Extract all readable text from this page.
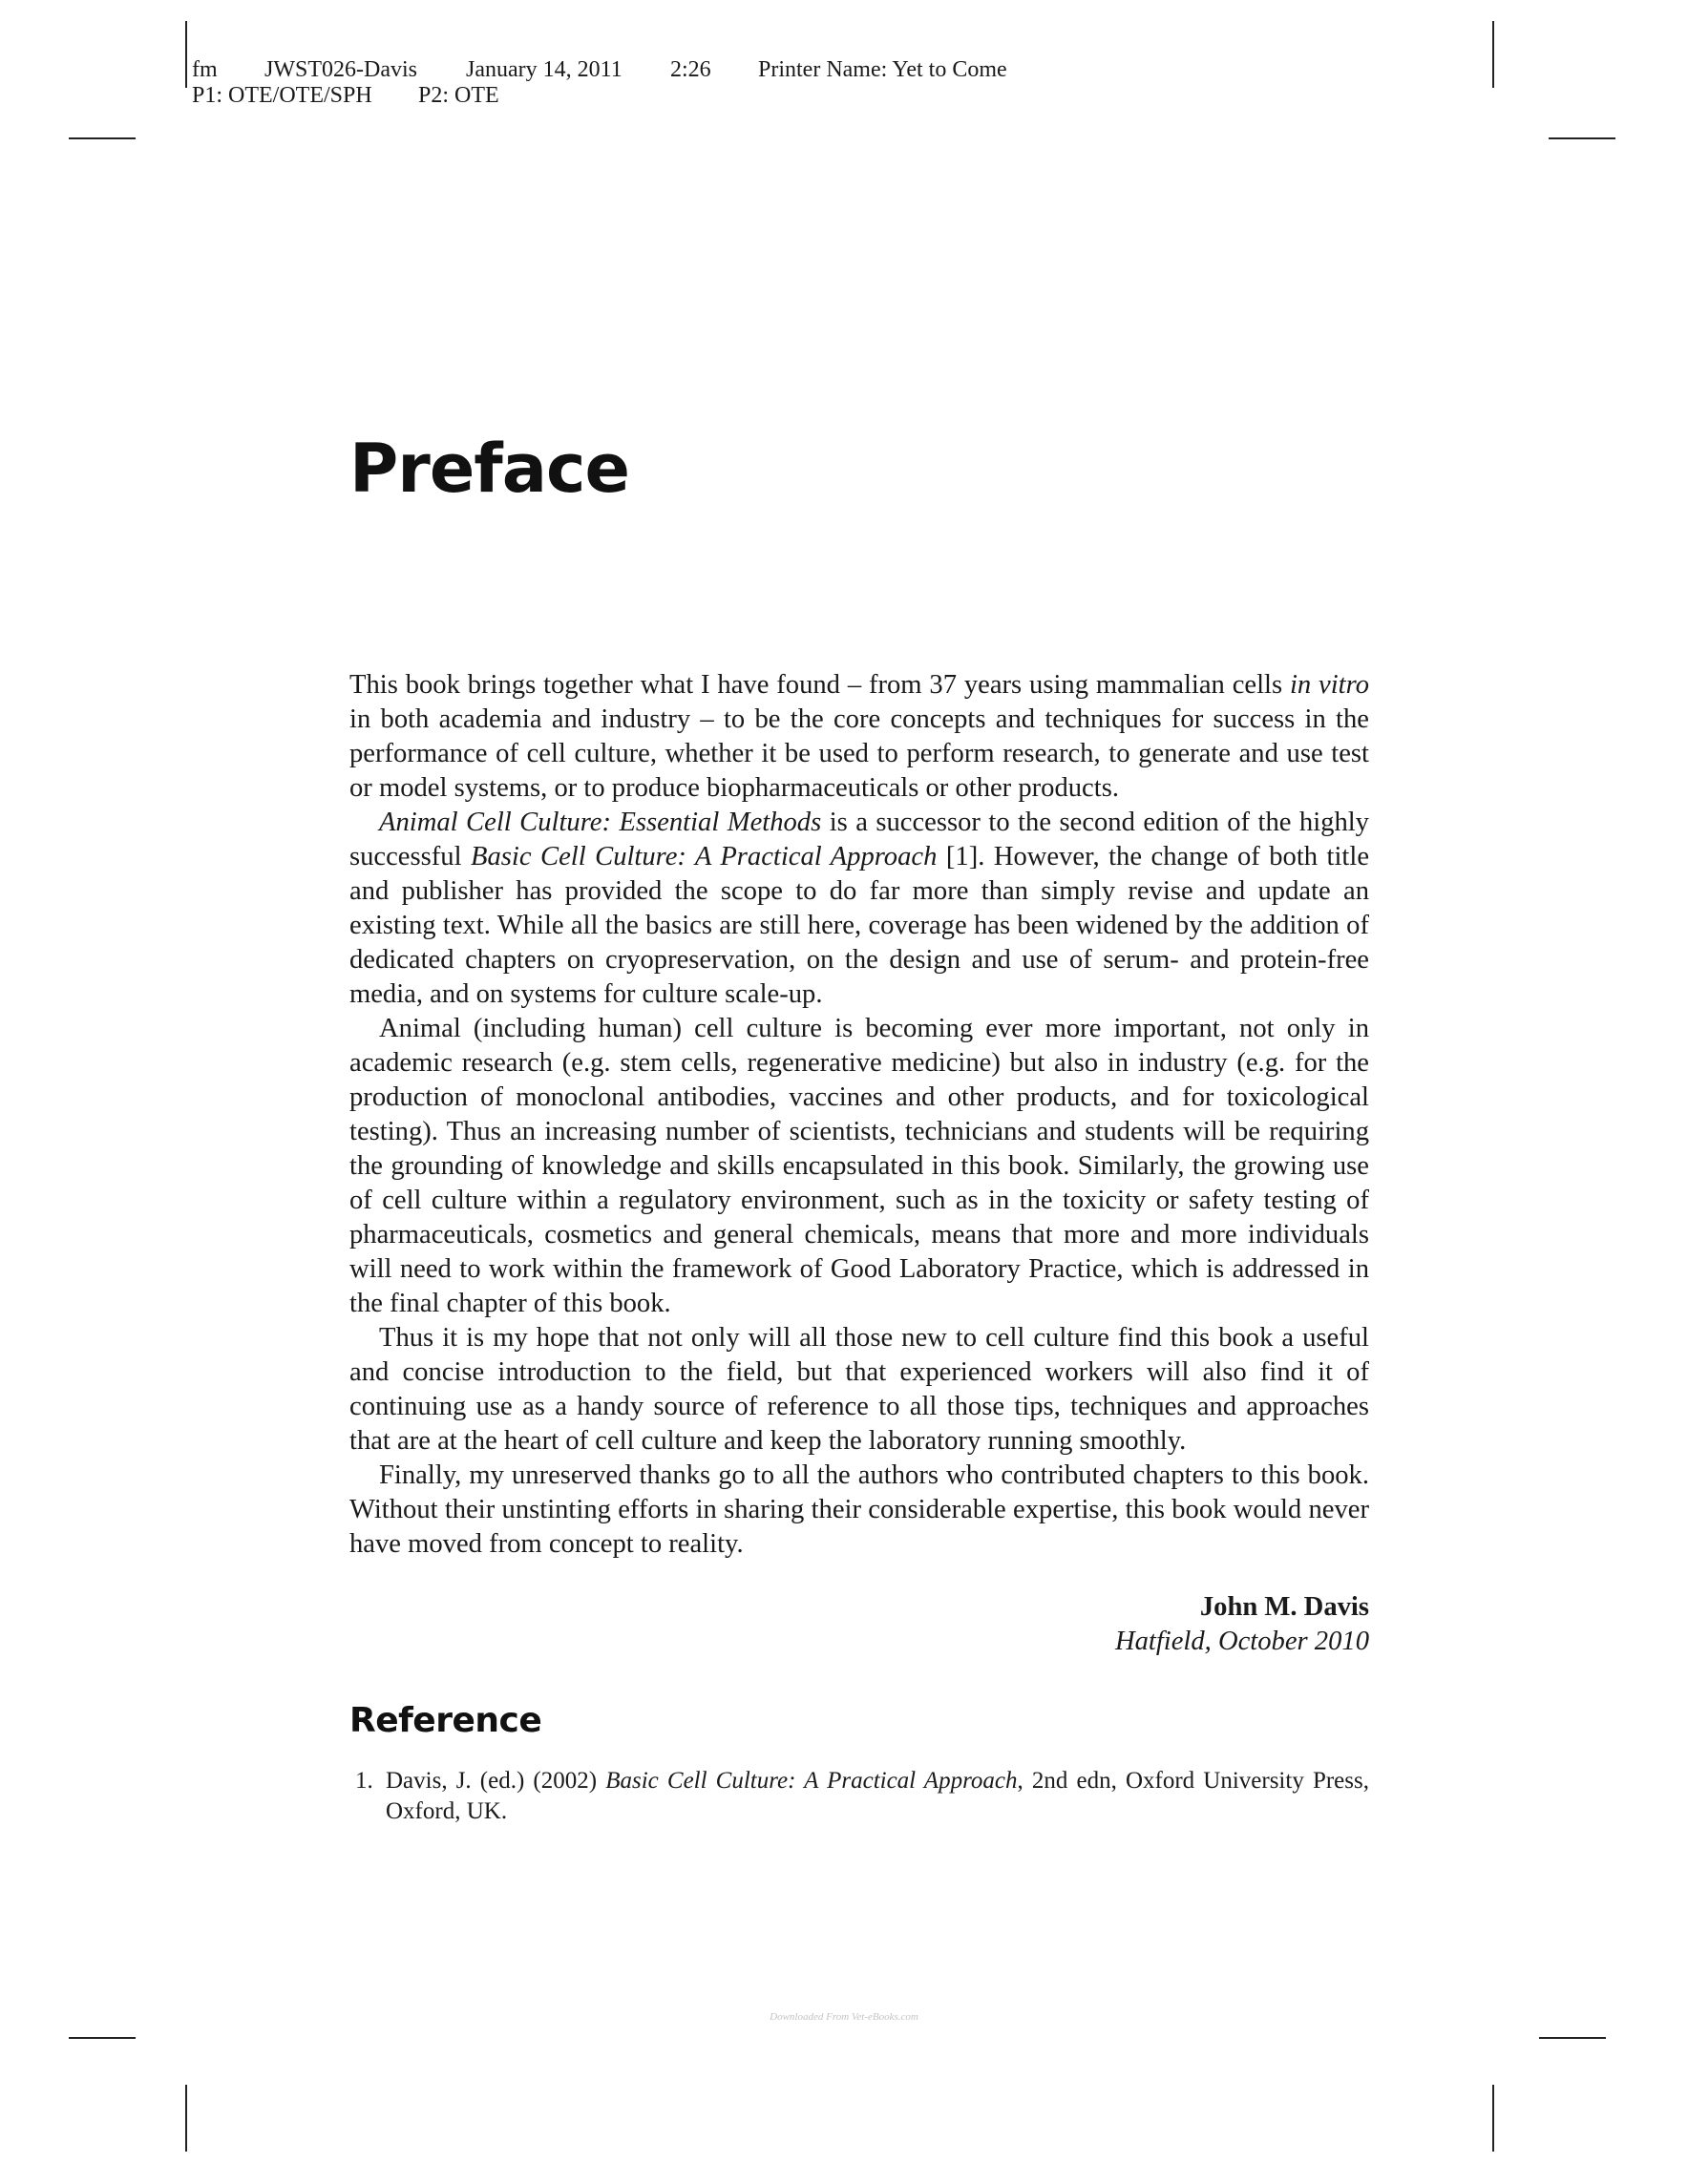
fm JWST026-Davis January 14, 2011 2:26 Printer Name: Yet to Come
P1: OTE/OTE/SPH P2: OTE
Preface

This book brings together what I have found – from 37 years using mammalian cells in vitro in both academia and industry – to be the core concepts and techniques for success in the performance of cell culture, whether it be used to perform research, to generate and use test or model systems, or to produce biopharmaceuticals or other products.

Animal Cell Culture: Essential Methods is a successor to the second edition of the highly successful Basic Cell Culture: A Practical Approach [1]. However, the change of both title and publisher has provided the scope to do far more than simply revise and update an existing text. While all the basics are still here, coverage has been widened by the addition of dedicated chapters on cryopreservation, on the design and use of serum- and protein-free media, and on systems for culture scale-up.

Animal (including human) cell culture is becoming ever more important, not only in academic research (e.g. stem cells, regenerative medicine) but also in industry (e.g. for the production of monoclonal antibodies, vaccines and other products, and for toxicological testing). Thus an increasing number of scientists, technicians and students will be requiring the grounding of knowledge and skills encapsulated in this book. Similarly, the growing use of cell culture within a regulatory environment, such as in the toxicity or safety testing of pharmaceuticals, cosmetics and general chemicals, means that more and more individuals will need to work within the framework of Good Laboratory Practice, which is addressed in the final chapter of this book.

Thus it is my hope that not only will all those new to cell culture find this book a useful and concise introduction to the field, but that experienced workers will also find it of continuing use as a handy source of reference to all those tips, techniques and approaches that are at the heart of cell culture and keep the laboratory running smoothly.

Finally, my unreserved thanks go to all the authors who contributed chapters to this book. Without their unstinting efforts in sharing their considerable expertise, this book would never have moved from concept to reality.

John M. Davis
Hatfield, October 2010
Reference
1. Davis, J. (ed.) (2002) Basic Cell Culture: A Practical Approach, 2nd edn, Oxford University Press, Oxford, UK.
Downloaded From Vet-eBooks.com
